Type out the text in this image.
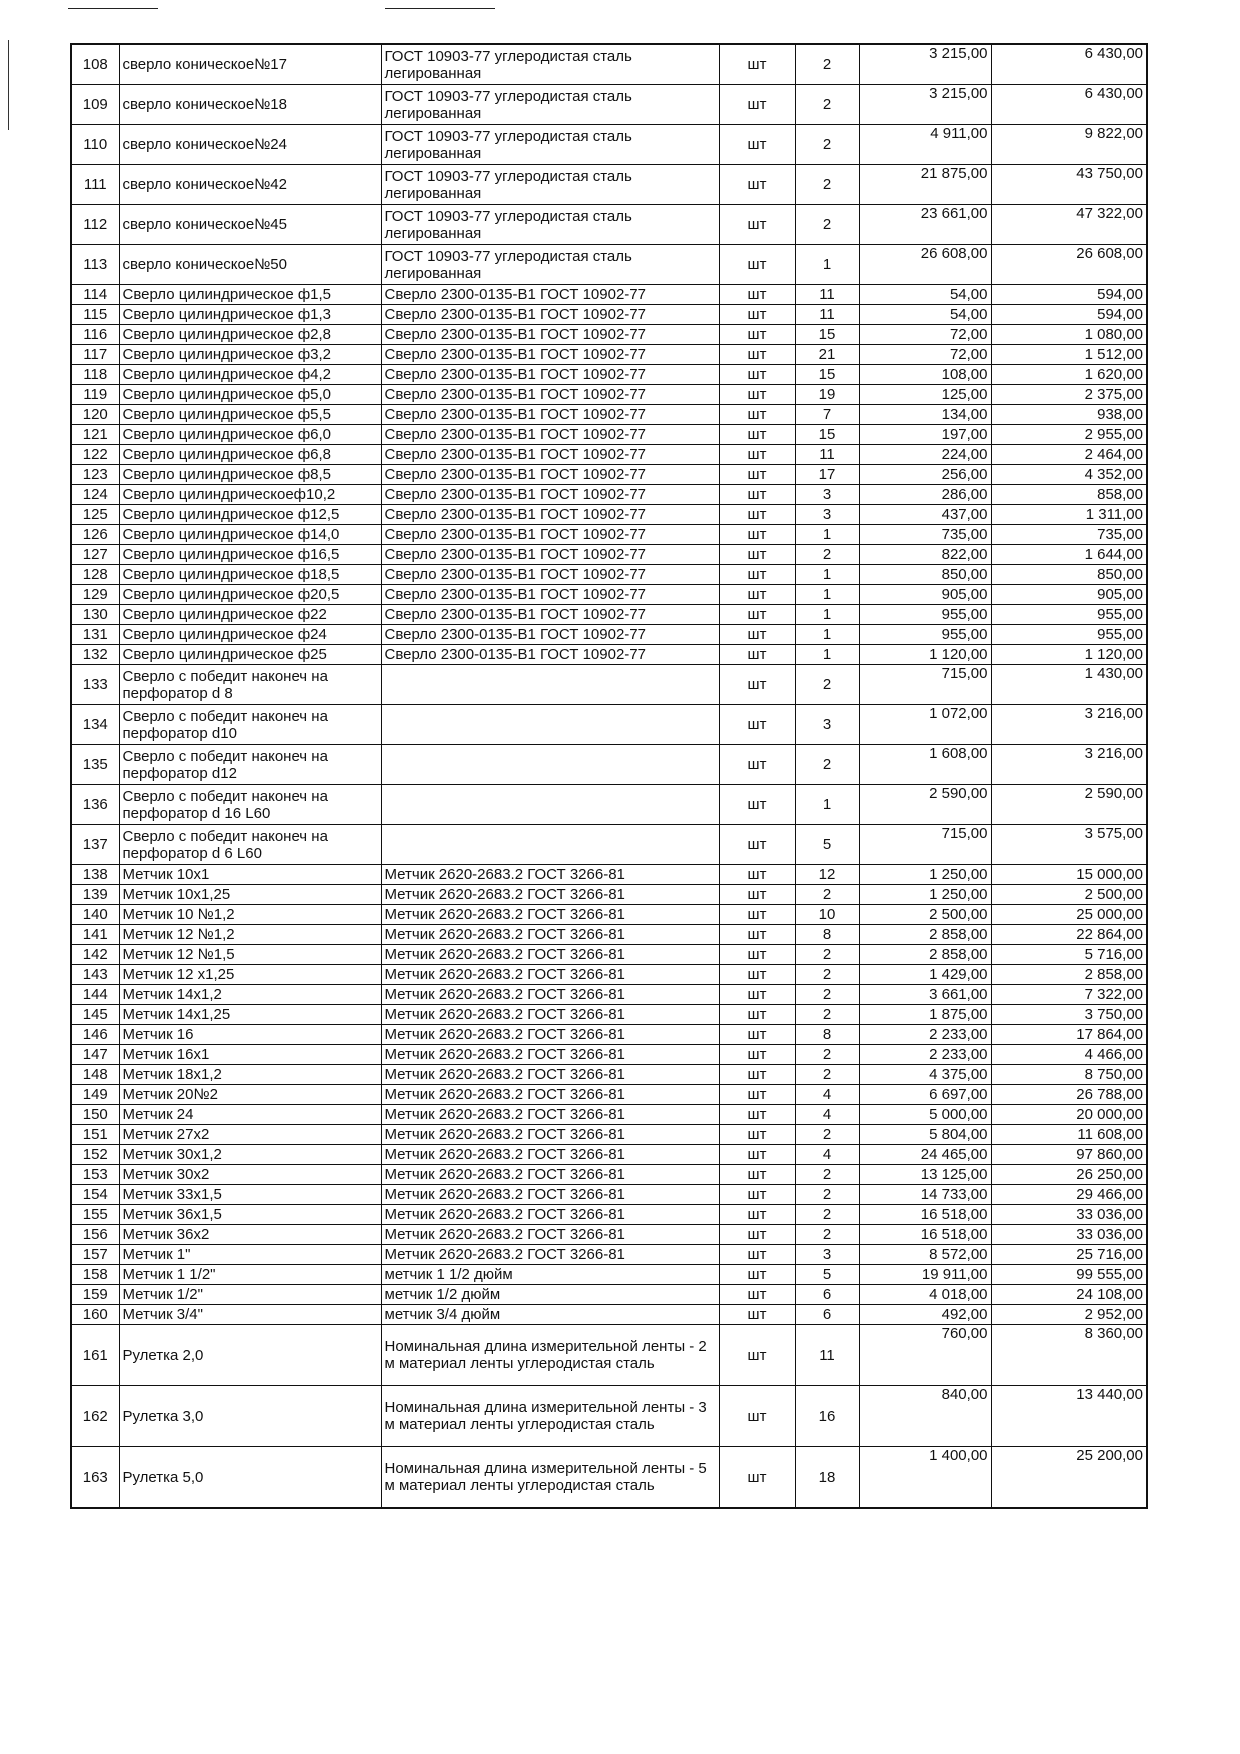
108	сверло коническое№17	ГОСТ 10903-77 углеродистая сталь легированная	шт	2	3 215,00	6 430,00
109	сверло коническое№18	ГОСТ 10903-77 углеродистая сталь легированная	шт	2	3 215,00	6 430,00
110	сверло коническое№24	ГОСТ 10903-77 углеродистая сталь легированная	шт	2	4 911,00	9 822,00
111	сверло коническое№42	ГОСТ 10903-77 углеродистая сталь легированная	шт	2	21 875,00	43 750,00
112	сверло коническое№45	ГОСТ 10903-77 углеродистая сталь легированная	шт	2	23 661,00	47 322,00
113	сверло коническое№50	ГОСТ 10903-77 углеродистая сталь легированная	шт	1	26 608,00	26 608,00
114	Сверло цилиндрическое ф1,5	Сверло 2300-0135-В1 ГОСТ 10902-77	шт	11	54,00	594,00
115	Сверло цилиндрическое ф1,3	Сверло 2300-0135-В1 ГОСТ 10902-77	шт	11	54,00	594,00
116	Сверло цилиндрическое ф2,8	Сверло 2300-0135-В1 ГОСТ 10902-77	шт	15	72,00	1 080,00
117	Сверло цилиндрическое ф3,2	Сверло 2300-0135-В1 ГОСТ 10902-77	шт	21	72,00	1 512,00
118	Сверло цилиндрическое ф4,2	Сверло 2300-0135-В1 ГОСТ 10902-77	шт	15	108,00	1 620,00
119	Сверло цилиндрическое ф5,0	Сверло 2300-0135-В1 ГОСТ 10902-77	шт	19	125,00	2 375,00
120	Сверло цилиндрическое ф5,5	Сверло 2300-0135-В1 ГОСТ 10902-77	шт	7	134,00	938,00
121	Сверло цилиндрическое ф6,0	Сверло 2300-0135-В1 ГОСТ 10902-77	шт	15	197,00	2 955,00
122	Сверло цилиндрическое ф6,8	Сверло 2300-0135-В1 ГОСТ 10902-77	шт	11	224,00	2 464,00
123	Сверло цилиндрическое ф8,5	Сверло 2300-0135-В1 ГОСТ 10902-77	шт	17	256,00	4 352,00
124	Сверло цилиндрическоеф10,2	Сверло 2300-0135-В1 ГОСТ 10902-77	шт	3	286,00	858,00
125	Сверло цилиндрическое ф12,5	Сверло 2300-0135-В1 ГОСТ 10902-77	шт	3	437,00	1 311,00
126	Сверло цилиндрическое ф14,0	Сверло 2300-0135-В1 ГОСТ 10902-77	шт	1	735,00	735,00
127	Сверло цилиндрическое ф16,5	Сверло 2300-0135-В1 ГОСТ 10902-77	шт	2	822,00	1 644,00
128	Сверло цилиндрическое ф18,5	Сверло 2300-0135-В1 ГОСТ 10902-77	шт	1	850,00	850,00
129	Сверло цилиндрическое ф20,5	Сверло 2300-0135-В1 ГОСТ 10902-77	шт	1	905,00	905,00
130	Сверло цилиндрическое ф22	Сверло 2300-0135-В1 ГОСТ 10902-77	шт	1	955,00	955,00
131	Сверло цилиндрическое ф24	Сверло 2300-0135-В1 ГОСТ 10902-77	шт	1	955,00	955,00
132	Сверло цилиндрическое ф25	Сверло 2300-0135-В1 ГОСТ 10902-77	шт	1	1 120,00	1 120,00
133	Сверло с победит наконеч на перфоратор d 8		шт	2	715,00	1 430,00
134	Сверло с победит наконеч на перфоратор d10		шт	3	1 072,00	3 216,00
135	Сверло с победит наконеч на перфоратор d12		шт	2	1 608,00	3 216,00
136	Сверло с победит наконеч на перфоратор d 16 L60		шт	1	2 590,00	2 590,00
137	Сверло с победит наконеч на перфоратор d 6 L60		шт	5	715,00	3 575,00
138	Метчик 10х1	Метчик 2620-2683.2 ГОСТ 3266-81	шт	12	1 250,00	15 000,00
139	Метчик 10х1,25	Метчик 2620-2683.2 ГОСТ 3266-81	шт	2	1 250,00	2 500,00
140	Метчик 10 №1,2	Метчик 2620-2683.2 ГОСТ 3266-81	шт	10	2 500,00	25 000,00
141	Метчик 12 №1,2	Метчик 2620-2683.2 ГОСТ 3266-81	шт	8	2 858,00	22 864,00
142	Метчик 12 №1,5	Метчик 2620-2683.2 ГОСТ 3266-81	шт	2	2 858,00	5 716,00
143	Метчик 12 х1,25	Метчик 2620-2683.2 ГОСТ 3266-81	шт	2	1 429,00	2 858,00
144	Метчик 14х1,2	Метчик 2620-2683.2 ГОСТ 3266-81	шт	2	3 661,00	7 322,00
145	Метчик 14х1,25	Метчик 2620-2683.2 ГОСТ 3266-81	шт	2	1 875,00	3 750,00
146	Метчик 16	Метчик 2620-2683.2 ГОСТ 3266-81	шт	8	2 233,00	17 864,00
147	Метчик 16х1	Метчик 2620-2683.2 ГОСТ 3266-81	шт	2	2 233,00	4 466,00
148	Метчик 18х1,2	Метчик 2620-2683.2 ГОСТ 3266-81	шт	2	4 375,00	8 750,00
149	Метчик 20№2	Метчик 2620-2683.2 ГОСТ 3266-81	шт	4	6 697,00	26 788,00
150	Метчик 24	Метчик 2620-2683.2 ГОСТ 3266-81	шт	4	5 000,00	20 000,00
151	Метчик 27х2	Метчик 2620-2683.2 ГОСТ 3266-81	шт	2	5 804,00	11 608,00
152	Метчик 30х1,2	Метчик 2620-2683.2 ГОСТ 3266-81	шт	4	24 465,00	97 860,00
153	Метчик 30х2	Метчик 2620-2683.2 ГОСТ 3266-81	шт	2	13 125,00	26 250,00
154	Метчик 33х1,5	Метчик 2620-2683.2 ГОСТ 3266-81	шт	2	14 733,00	29 466,00
155	Метчик 36х1,5	Метчик 2620-2683.2 ГОСТ 3266-81	шт	2	16 518,00	33 036,00
156	Метчик 36х2	Метчик 2620-2683.2 ГОСТ 3266-81	шт	2	16 518,00	33 036,00
157	Метчик 1"	Метчик 2620-2683.2 ГОСТ 3266-81	шт	3	8 572,00	25 716,00
158	Метчик 1 1/2"	метчик 1 1/2 дюйм	шт	5	19 911,00	99 555,00
159	Метчик 1/2"	метчик 1/2 дюйм	шт	6	4 018,00	24 108,00
160	Метчик 3/4"	метчик 3/4 дюйм	шт	6	492,00	2 952,00
161	Рулетка 2,0	Номинальная длина измерительной ленты - 2 м материал ленты углеродистая сталь	шт	11	760,00	8 360,00
162	Рулетка 3,0	Номинальная длина измерительной ленты - 3 м материал ленты углеродистая сталь	шт	16	840,00	13 440,00
163	Рулетка 5,0	Номинальная длина измерительной ленты - 5 м материал ленты углеродистая сталь	шт	18	1 400,00	25 200,00
